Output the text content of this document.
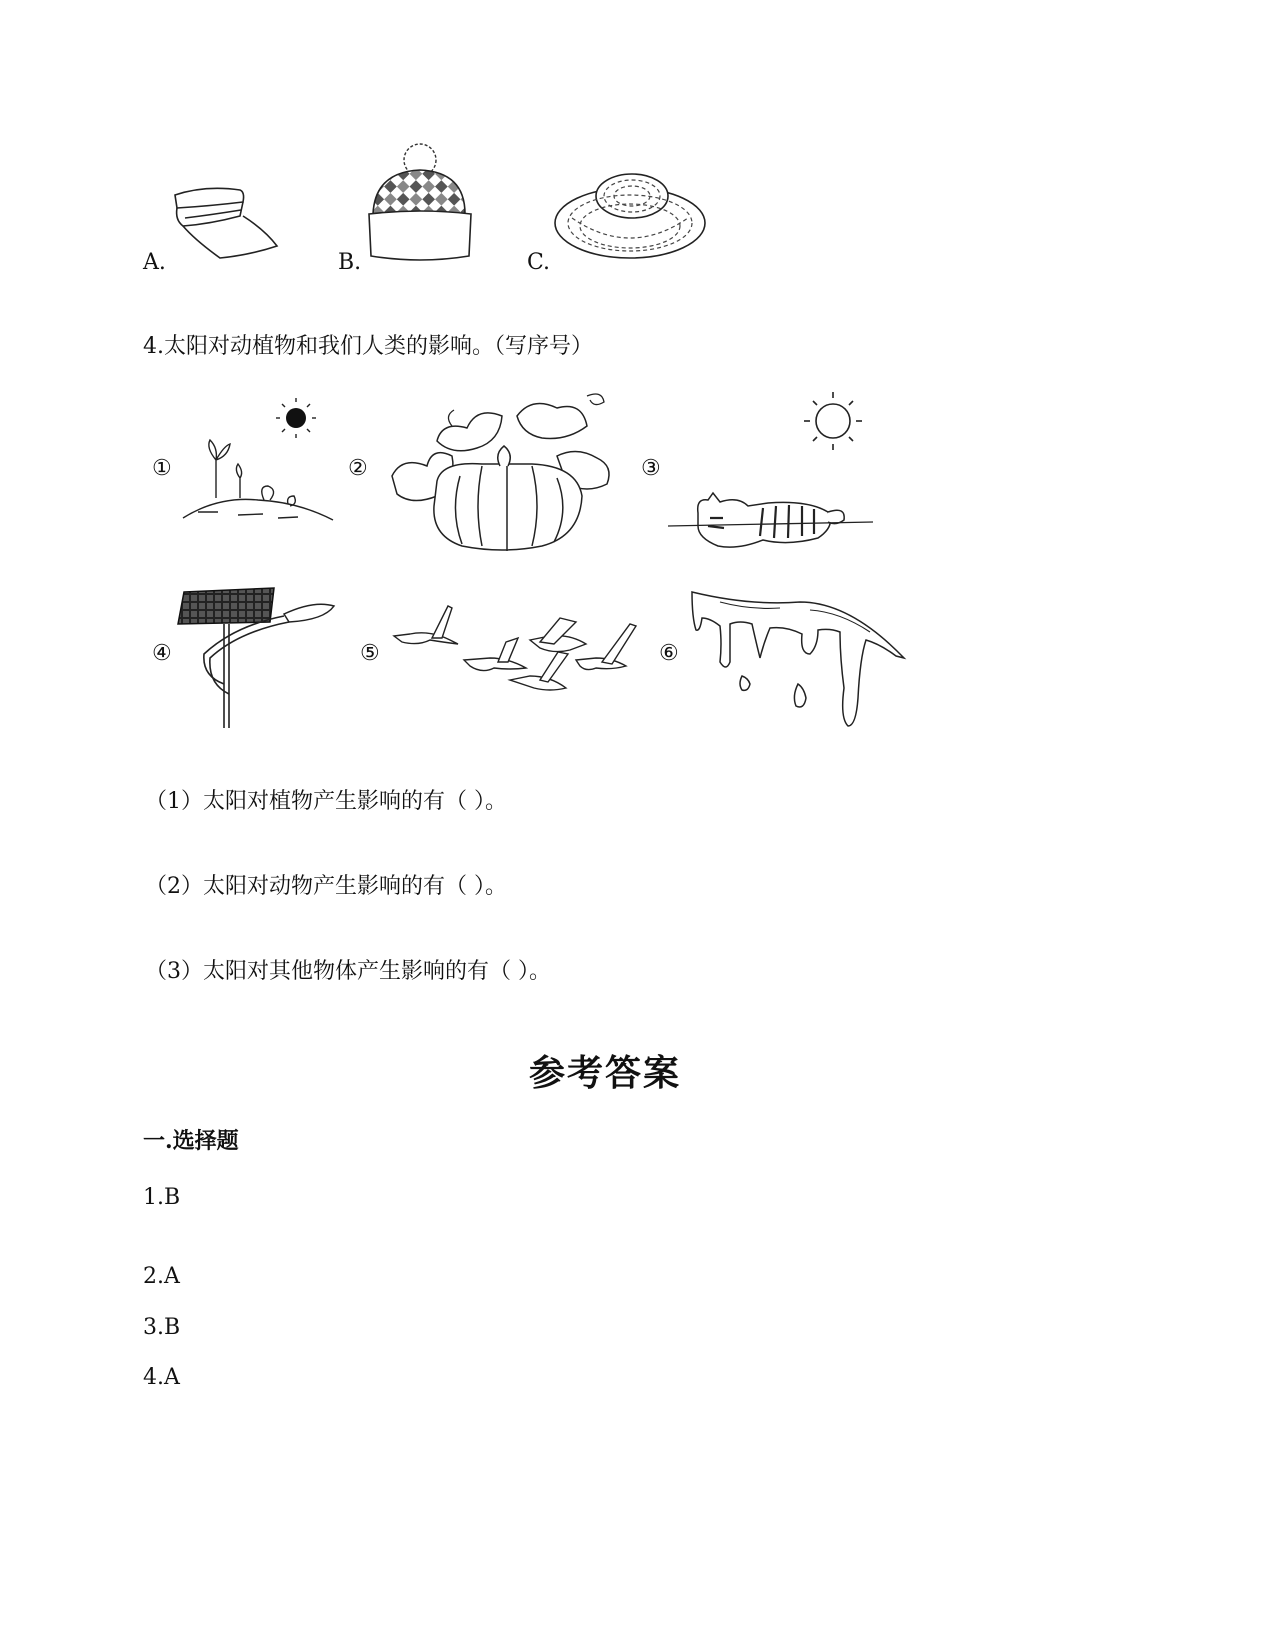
A.	B.	C.
4.太阳对动植物和我们人类的影响。（写序号）
①	②	③
④	⑤	⑥
（1）太阳对植物产生影响的有（ ）。
（2）太阳对动物产生影响的有（ ）。
（3）太阳对其他物体产生影响的有（ ）。
参考答案
一.选择题
1.B
2.A
3.B
4.A
